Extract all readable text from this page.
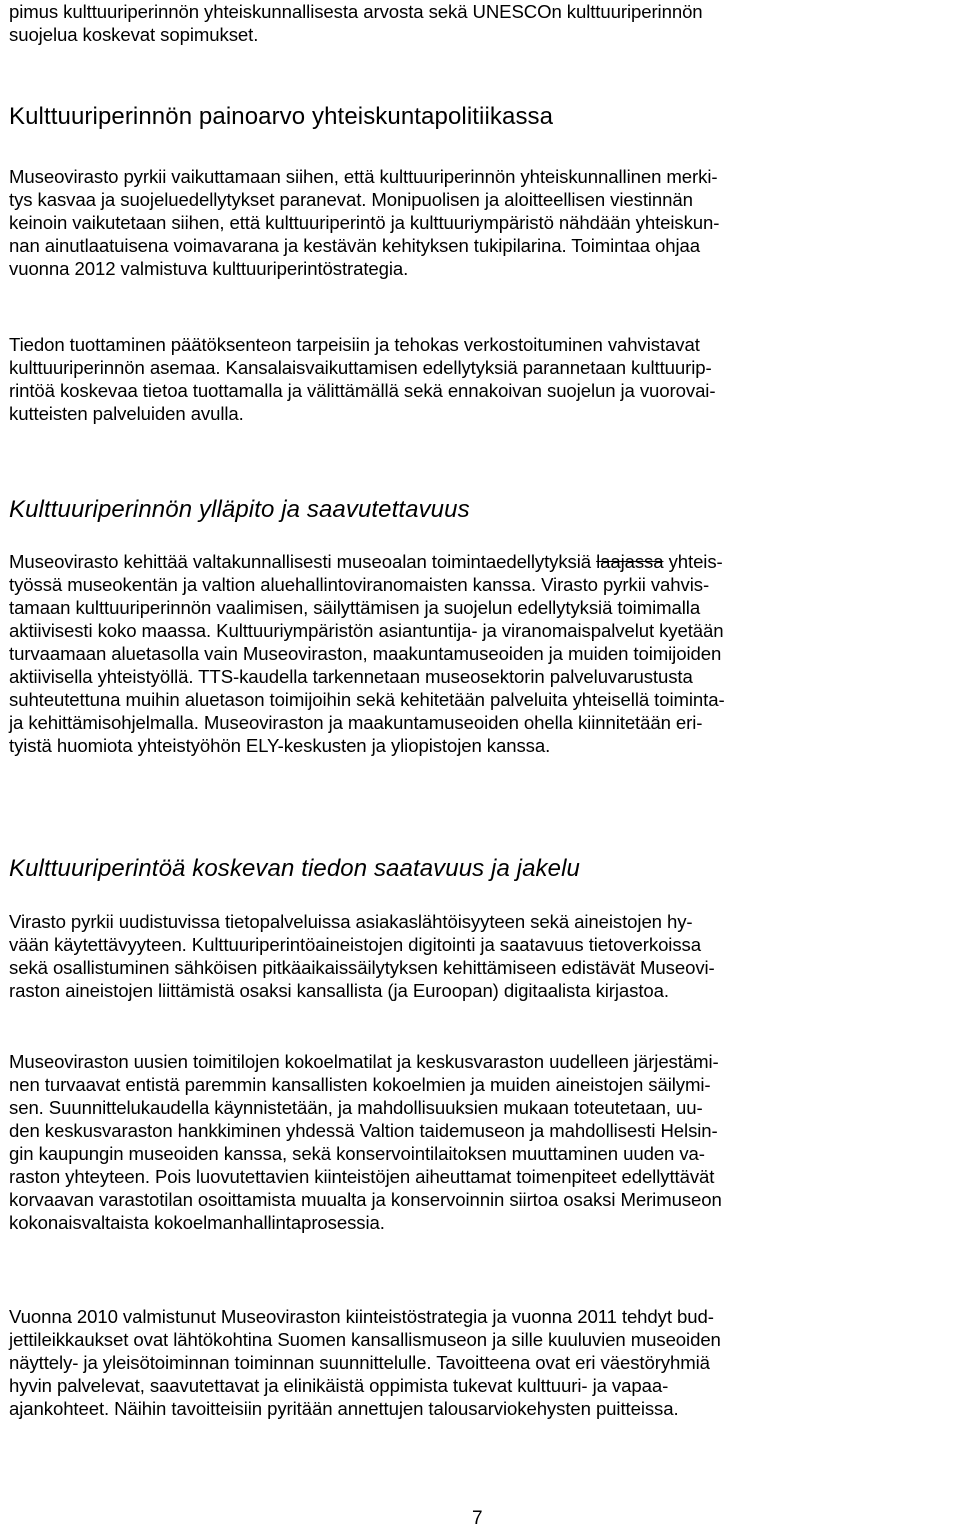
pimus kulttuuriperinnön yhteiskunnallisesta arvosta sekä UNESCOn kulttuuriperinnön
suojelua koskevat sopimukset.
Kulttuuriperinnön painoarvo yhteiskuntapolitiikassa
Museovirasto pyrkii vaikuttamaan siihen, että kulttuuriperinnön yhteiskunnallinen merki-
tys kasvaa ja suojeluedellytykset paranevat. Monipuolisen ja aloitteellisen viestinnän
keinoin vaikutetaan siihen, että kulttuuriperintö ja kulttuuriympäristö nähdään yhteiskun-
nan ainutlaatuisena voimavarana ja kestävän kehityksen tukipilarina. Toimintaa ohjaa
vuonna 2012 valmistuva kulttuuriperintöstrategia.
Tiedon tuottaminen päätöksenteon tarpeisiin ja tehokas verkostoituminen vahvistavat
kulttuuriperinnön asemaa. Kansalaisvaikuttamisen edellytyksiä parannetaan kulttuurip-
rintöä koskevaa tietoa tuottamalla ja välittämällä sekä ennakoivan suojelun ja vuorovai-
kutteisten palveluiden avulla.
Kulttuuriperinnön ylläpito ja saavutettavuus
Museovirasto kehittää valtakunnallisesti museoalan toimintaedellytyksiä laajassa yhteis-
työssä museokentän ja valtion aluehallintoviranomaisten kanssa. Virasto pyrkii vahvis-
tamaan kulttuuriperinnön vaalimisen, säilyttämisen ja suojelun edellytyksiä toimimalla
aktiivisesti koko maassa. Kulttuuriympäristön asiantuntija- ja viranomaispalvelut kyetään
turvaamaan aluetasolla vain Museoviraston, maakuntamuseoiden ja muiden toimijoiden
aktiivisella yhteistyöllä. TTS-kaudella tarkennetaan museosektorin palveluvarustusta
suhteutettuna muihin aluetason toimijoihin sekä kehitetään palveluita yhteisellä toiminta-
ja kehittämisohjelmalla. Museoviraston ja maakuntamuseoiden ohella kiinnitetään eri-
tyistä huomiota yhteistyöhön ELY-keskusten ja yliopistojen kanssa.
Kulttuuriperintöä koskevan tiedon saatavuus ja jakelu
Virasto pyrkii uudistuvissa tietopalveluissa asiakaslähtöisyyteen sekä aineistojen hy-
vään käytettävyyteen. Kulttuuriperintöaineistojen digitointi ja saatavuus tietoverkoissa
sekä osallistuminen sähköisen pitkäaikaissäilytyksen kehittämiseen edistävät Museovi-
raston aineistojen liittämistä osaksi kansallista (ja Euroopan) digitaalista kirjastoa.
Museoviraston uusien toimitilojen kokoelmatilat ja keskusvaraston uudelleen järjestämi-
nen turvaavat entistä paremmin kansallisten kokoelmien ja muiden aineistojen säilymi-
sen. Suunnittelukaudella käynnistetään, ja mahdollisuuksien mukaan toteutetaan, uu-
den keskusvaraston hankkiminen yhdessä Valtion taidemuseon ja mahdollisesti Helsin-
gin kaupungin museoiden kanssa, sekä konservointilaitoksen muuttaminen uuden va-
raston yhteyteen. Pois luovutettavien kiinteistöjen aiheuttamat toimenpiteet edellyttävät
korvaavan varastotilan osoittamista muualta ja konservoinnin siirtoa osaksi Merimuseon
kokonaisvaltaista kokoelmanhallintaprosessia.
Vuonna 2010 valmistunut Museoviraston kiinteistöstrategia ja vuonna 2011 tehdyt bud-
jettileikkaukset ovat lähtökohtina Suomen kansallismuseon ja sille kuuluvien museoiden
näyttely- ja yleisötoiminnan toiminnan suunnittelulle. Tavoitteena ovat eri väestöryhmiä
hyvin palvelevat, saavutettavat ja elinikäistä oppimista tukevat kulttuuri- ja vapaa-
ajankohteet. Näihin tavoitteisiin pyritään annettujen talousarviokehysten puitteissa.
7
